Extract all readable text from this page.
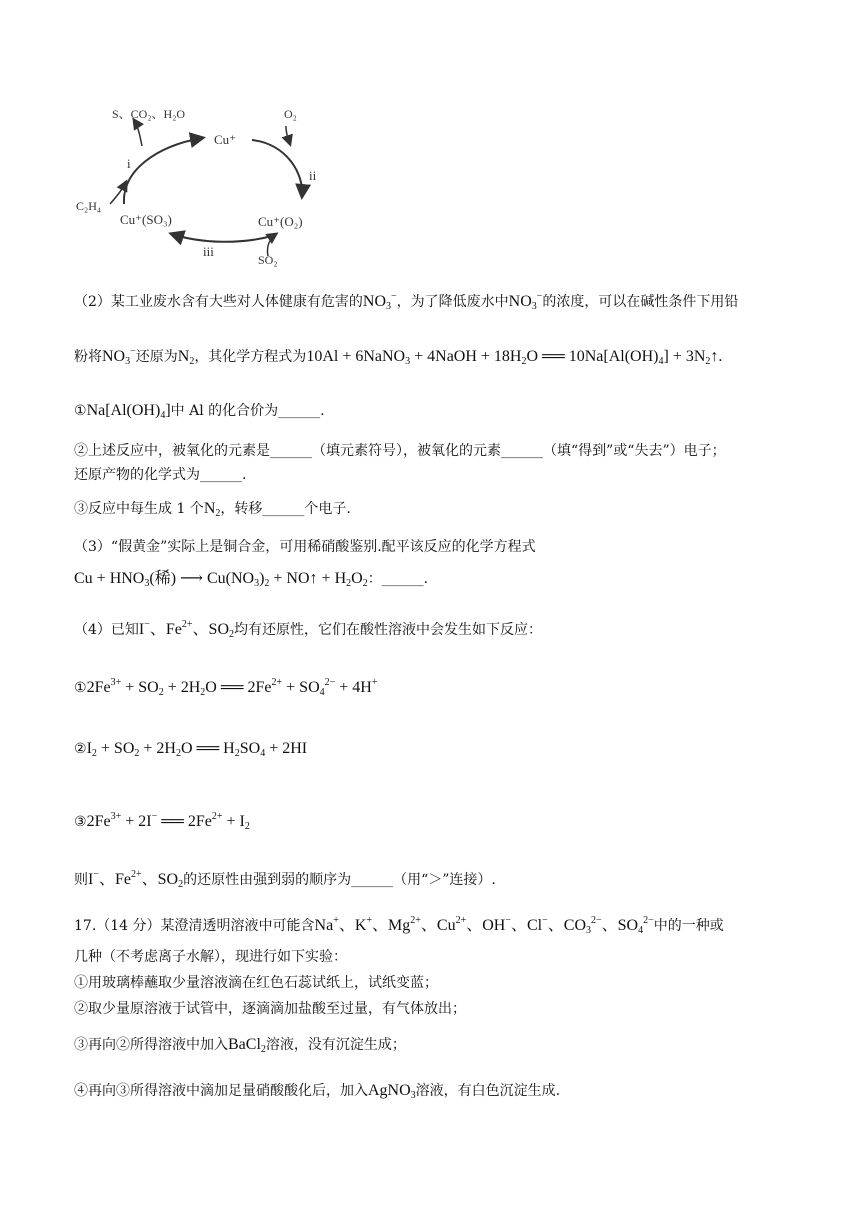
S、CO₂、H₂O
Cu⁺
O₂
i
ii
iii
C₂H₄
Cu⁺(SO₃)	Cu⁺(O₂)
SO₂
（2）某工业废水含有大些对人体健康有危害的$NO_3^-$，为了降低废水中$NO_3^-$的浓度，可以在碱性条件下用铅
粉将$NO_3^-$还原为$N_2$，其化学方程式为10Al + 6NaNO$_3$ + 4NaOH + $18H_2O$ ══ $10Na[Al(OH)_4]$ + $3N_2↑$.
$①Na[Al(OH)_4]$中 Al 的化合价为______.
②上述反应中，被氧化的元素是______（填元素符号），被氧化的元素______（填“得到”或“失去”）电子；
还原产物的化学式为______.
③反应中每生成 1 个$N_2$，转移______个电子.
（3）“假黄金”实际上是铜合金，可用稀硝酸鉴别.配平该反应的化学方程式
$Cu + HNO_3$(稀) ⟶ $Cu(NO_3)_2$ + NO↑ + $H_2O_2$：______.
（4）已知I−、$Fe^{2+}$、$SO_2$均有还原性，它们在酸性溶液中会发生如下反应：
$①2Fe^{3+} + SO_2 + 2H_2O$ ══ $2Fe^{2+} + SO_4^{2-} + 4H^+$
$②I_2 + SO_2 + 2H_2O$ ══ $H_2SO_4 + 2HI$
$③2Fe^{3+} + 2I^-$ ══ $2Fe^{2+} + I_2$
则I−、$Fe^{2+}$、$SO_2$的还原性由强到弱的顺序为______（用“＞”连接）.
17.（14 分）某澄清透明溶液中可能含Na+、K+、$Mg^{2+}$、$Cu^{2+}$、OH−、Cl−、$CO_3^{2-}$、$SO_4^{2-}$中的一种或
几种（不考虑离子水解），现进行如下实验：
①用玻璃棒蘸取少量溶液滴在红色石蕊试纸上，试纸变蓝；
②取少量原溶液于试管中，逐滴滴加盐酸至过量，有气体放出；
③再向②所得溶液中加入BaCl$_2$溶液，没有沉淀生成；
④再向③所得溶液中滴加足量硝酸酸化后，加入AgNO$_3$溶液，有白色沉淀生成.
